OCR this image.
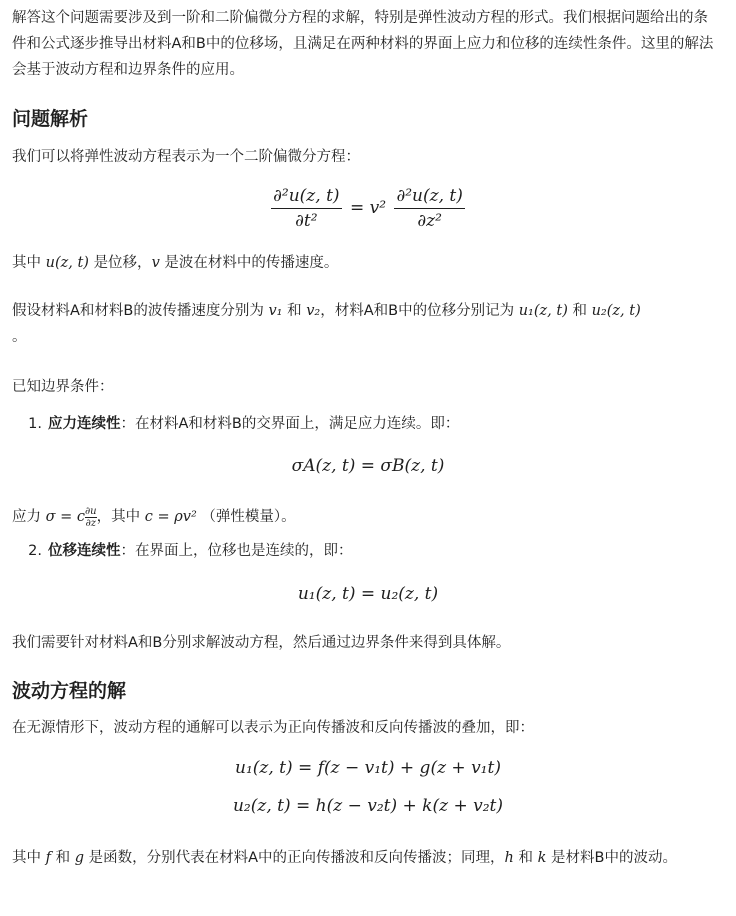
解答这个问题需要涉及到一阶和二阶偏微分方程的求解，特别是弹性波动方程的形式。我们根据问题给出的条件和公式逐步推导出材料A和B中的位移场，且满足在两种材料的界面上应力和位移的连续性条件。这里的解法会基于波动方程和边界条件的应用。

问题解析

我们可以将弹性波动方程表示为一个二阶偏微分方程：

$\frac{\text{∂²u(z, t)}}{\text{∂t²}} = v^2 \frac{\text{∂²u(z, t)}}{\text{∂z²}}$

其中 u(z, t) 是位移，v 是波在材料中的传播速度。

假设材料A和材料B的波传播速度分别为 v₁ 和 v₂，材料A和B中的位移分别记为 u₁(z, t) 和 u₂(z, t)
。

已知边界条件：

1. 应力连续性：在材料A和材料B的交界面上，满足应力连续。即：

σA(z, t) = σB(z, t)

应力 σ = c $\frac{\partial u}{\partial z}$ ，其中 c = ρv² （弹性模量）。

2. 位移连续性：在界面上，位移也是连续的，即：

u₁(z, t) = u₂(z, t)

我们需要针对材料A和B分别求解波动方程，然后通过边界条件来得到具体解。

波动方程的解

在无源情形下，波动方程的通解可以表示为正向传播波和反向传播波的叠加，即：

u₁(z, t) = f(z − v₁t) + g(z + v₁t)
u₂(z, t) = h(z − v₂t) + k(z + v₂t)

其中 f 和 g 是函数，分别代表在材料A中的正向传播波和反向传播波；同理，h 和 k 是材料B中的波动。
